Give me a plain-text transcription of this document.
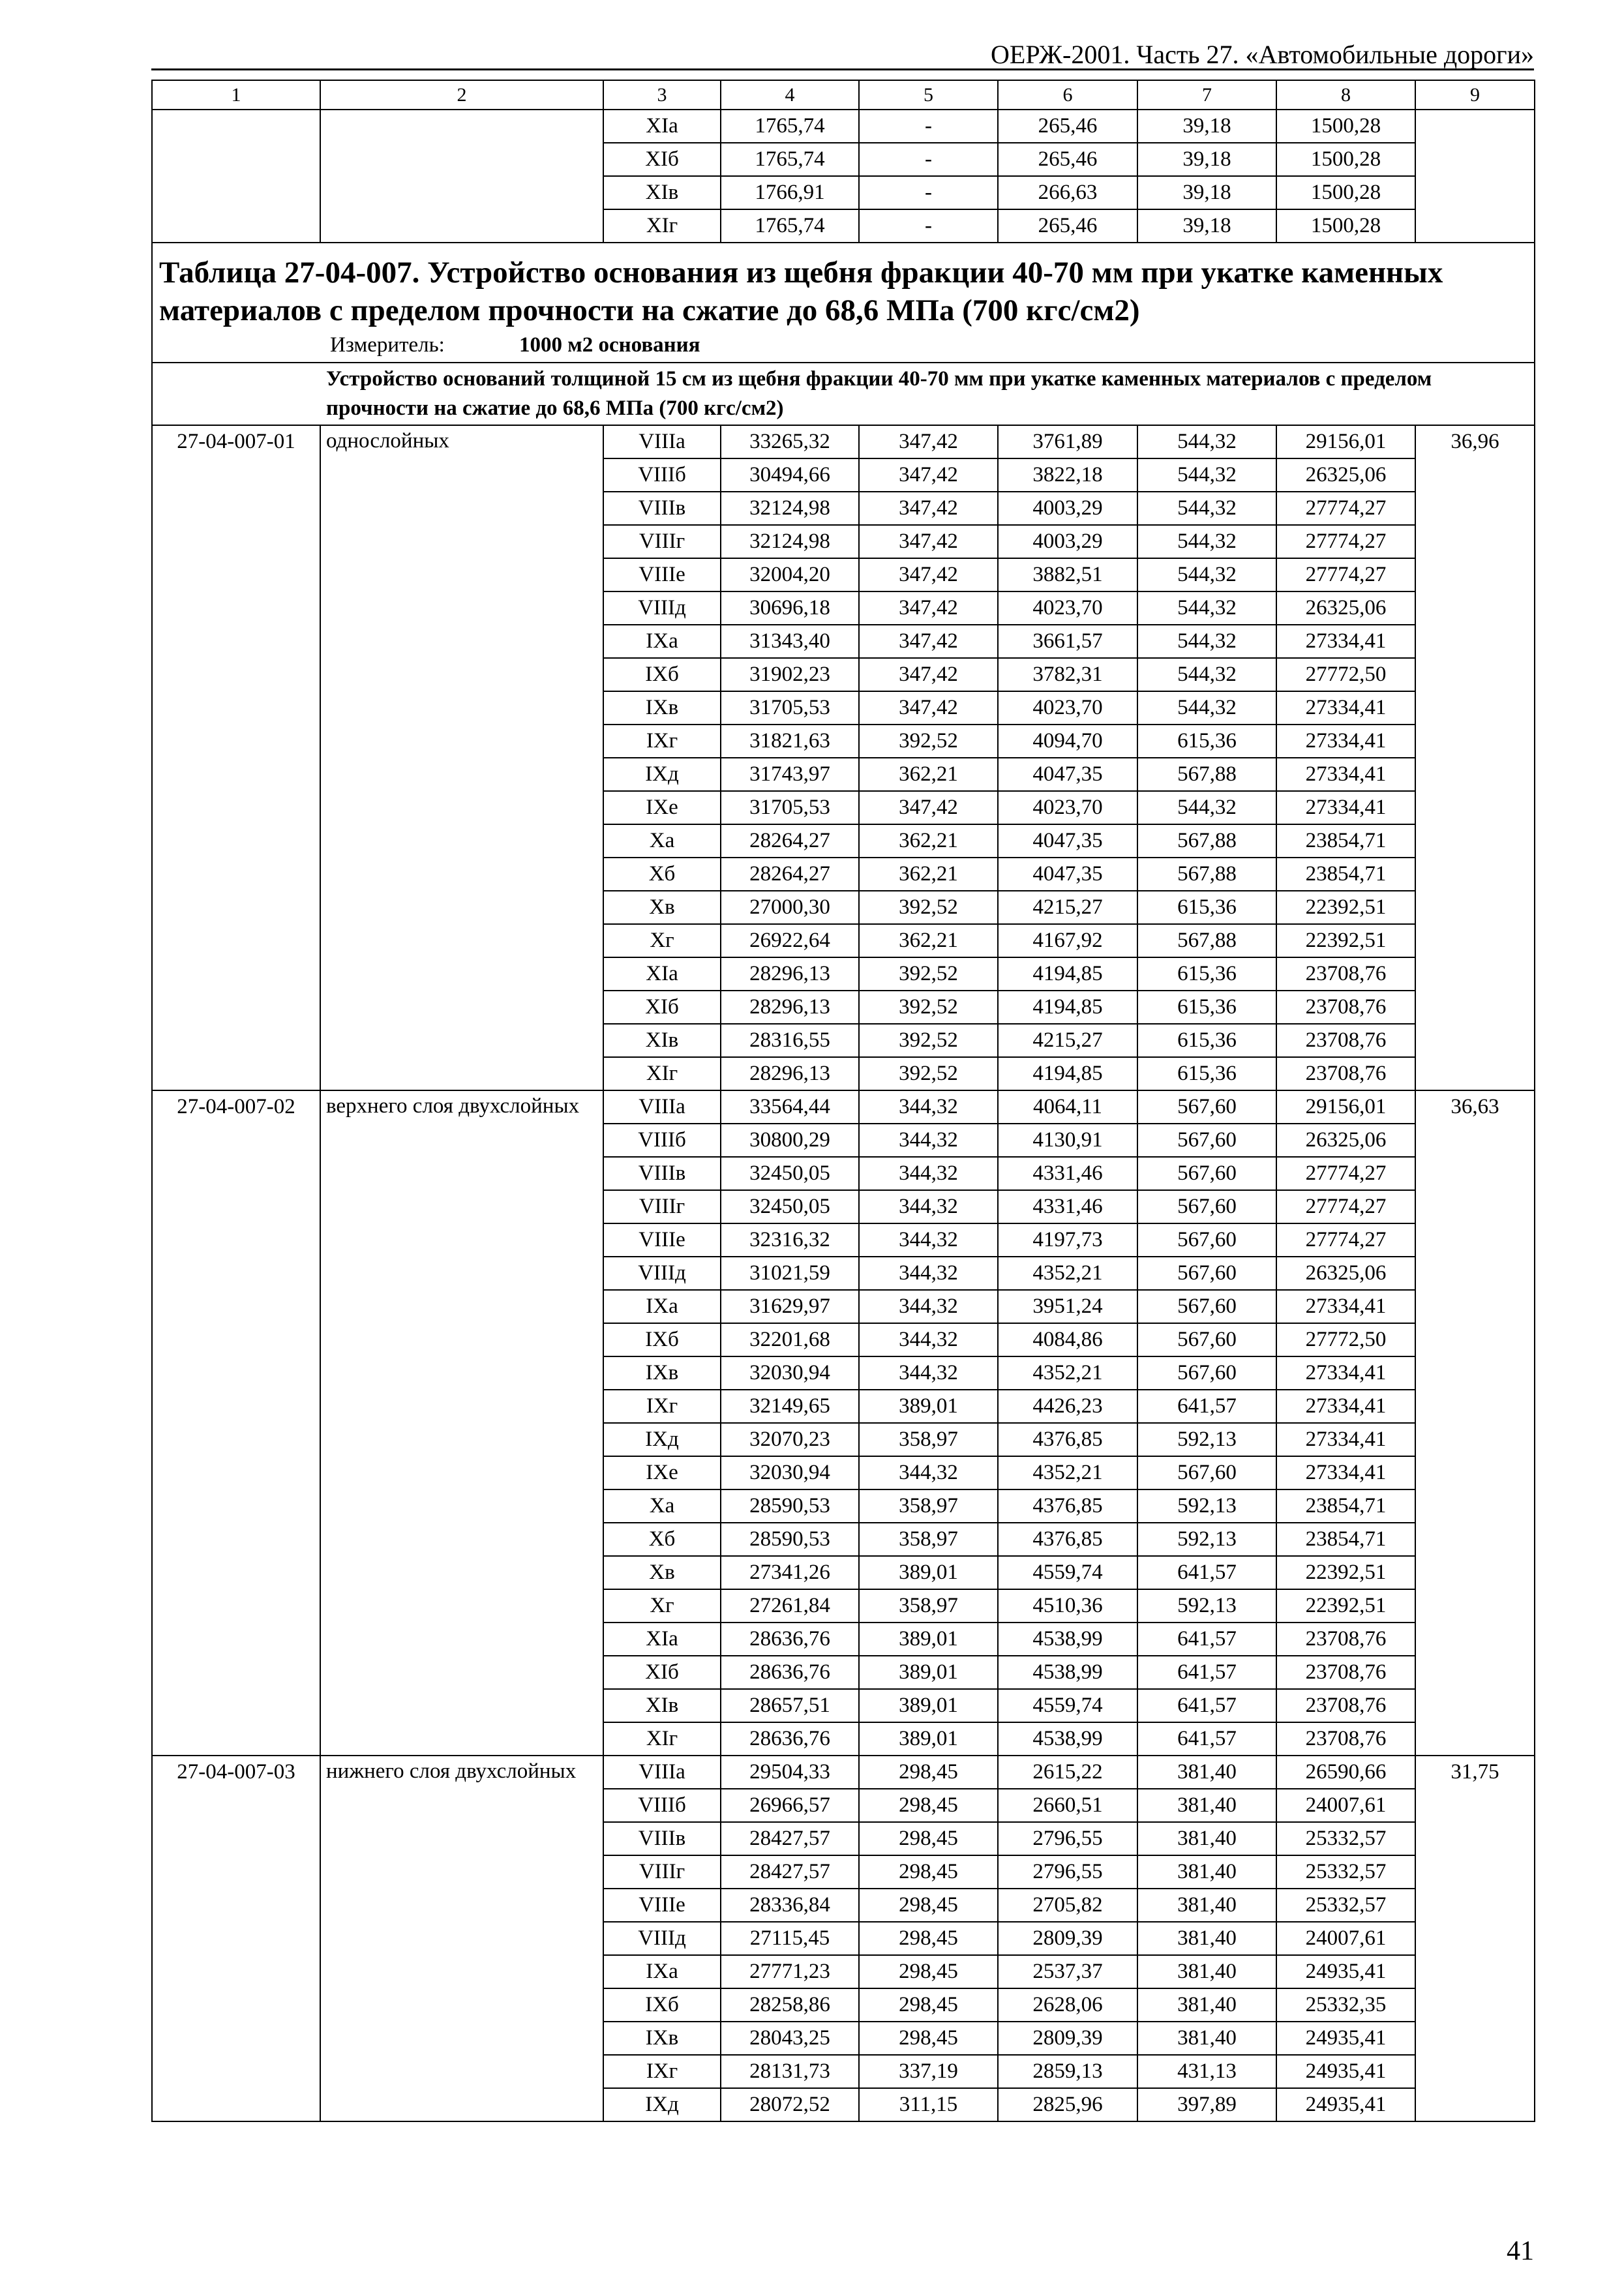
ОЕРЖ-2001. Часть 27. «Автомобильные дороги»
1	2	3	4	5	6	7	8	9
		XIа	1765,74	-	265,46	39,18	1500,28	
		XIб	1765,74	-	265,46	39,18	1500,28	
		XIв	1766,91	-	266,63	39,18	1500,28	
		XIг	1765,74	-	265,46	39,18	1500,28	

Таблица 27-04-007. Устройство основания из щебня фракции 40-70 мм при укатке каменных материалов с пределом прочности на сжатие до 68,6 МПа (700 кгс/см2)
Измеритель: 1000 м2 основания								

Устройство оснований толщиной 15 см из щебня фракции 40-70 мм при укатке каменных материалов с пределом прочности на сжатие до 68,6 МПа (700 кгс/см2)								
27-04-007-01	однослойных	VIIIа	33265,32	347,42	3761,89	544,32	29156,01	36,96
		VIIIб	30494,66	347,42	3822,18	544,32	26325,06	
		VIIIв	32124,98	347,42	4003,29	544,32	27774,27	
		VIIIг	32124,98	347,42	4003,29	544,32	27774,27	
		VIIIе	32004,20	347,42	3882,51	544,32	27774,27	
		VIIIд	30696,18	347,42	4023,70	544,32	26325,06	
		IXа	31343,40	347,42	3661,57	544,32	27334,41	
		IXб	31902,23	347,42	3782,31	544,32	27772,50	
		IXв	31705,53	347,42	4023,70	544,32	27334,41	
		IXг	31821,63	392,52	4094,70	615,36	27334,41	
		IXд	31743,97	362,21	4047,35	567,88	27334,41	
		IXе	31705,53	347,42	4023,70	544,32	27334,41	
		Xа	28264,27	362,21	4047,35	567,88	23854,71	
		Xб	28264,27	362,21	4047,35	567,88	23854,71	
		Xв	27000,30	392,52	4215,27	615,36	22392,51	
		Xг	26922,64	362,21	4167,92	567,88	22392,51	
		XIа	28296,13	392,52	4194,85	615,36	23708,76	
		XIб	28296,13	392,52	4194,85	615,36	23708,76	
		XIв	28316,55	392,52	4215,27	615,36	23708,76	
		XIг	28296,13	392,52	4194,85	615,36	23708,76	
27-04-007-02	верхнего слоя двухслойных	VIIIа	33564,44	344,32	4064,11	567,60	29156,01	36,63
		VIIIб	30800,29	344,32	4130,91	567,60	26325,06	
		VIIIв	32450,05	344,32	4331,46	567,60	27774,27	
		VIIIг	32450,05	344,32	4331,46	567,60	27774,27	
		VIIIе	32316,32	344,32	4197,73	567,60	27774,27	
		VIIIд	31021,59	344,32	4352,21	567,60	26325,06	
		IXа	31629,97	344,32	3951,24	567,60	27334,41	
		IXб	32201,68	344,32	4084,86	567,60	27772,50	
		IXв	32030,94	344,32	4352,21	567,60	27334,41	
		IXг	32149,65	389,01	4426,23	641,57	27334,41	
		IXд	32070,23	358,97	4376,85	592,13	27334,41	
		IXе	32030,94	344,32	4352,21	567,60	27334,41	
		Xа	28590,53	358,97	4376,85	592,13	23854,71	
		Xб	28590,53	358,97	4376,85	592,13	23854,71	
		Xв	27341,26	389,01	4559,74	641,57	22392,51	
		Xг	27261,84	358,97	4510,36	592,13	22392,51	
		XIа	28636,76	389,01	4538,99	641,57	23708,76	
		XIб	28636,76	389,01	4538,99	641,57	23708,76	
		XIв	28657,51	389,01	4559,74	641,57	23708,76	
		XIг	28636,76	389,01	4538,99	641,57	23708,76	
27-04-007-03	нижнего слоя двухслойных	VIIIа	29504,33	298,45	2615,22	381,40	26590,66	31,75
		VIIIб	26966,57	298,45	2660,51	381,40	24007,61	
		VIIIв	28427,57	298,45	2796,55	381,40	25332,57	
		VIIIг	28427,57	298,45	2796,55	381,40	25332,57	
		VIIIе	28336,84	298,45	2705,82	381,40	25332,57	
		VIIIд	27115,45	298,45	2809,39	381,40	24007,61	
		IXа	27771,23	298,45	2537,37	381,40	24935,41	
		IXб	28258,86	298,45	2628,06	381,40	25332,35	
		IXв	28043,25	298,45	2809,39	381,40	24935,41	
		IXг	28131,73	337,19	2859,13	431,13	24935,41	
		IXд	28072,52	311,15	2825,96	397,89	24935,41	
41
